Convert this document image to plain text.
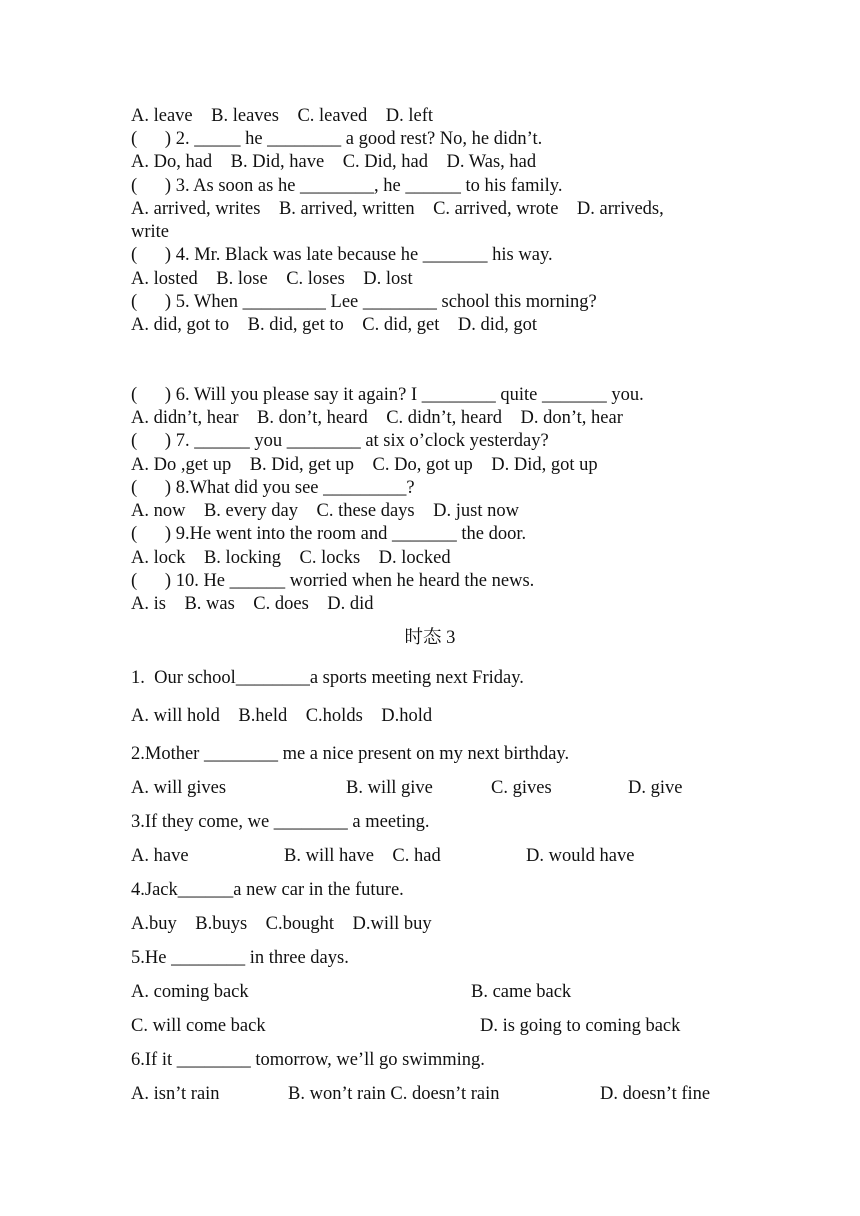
A. leave    B. leaves    C. leaved    D. left
(      ) 2. _____ he ________ a good rest? No, he didn’t.
A. Do, had    B. Did, have    C. Did, had    D. Was, had
(      ) 3. As soon as he ________, he ______ to his family.
A. arrived, writes    B. arrived, written    C. arrived, wrote    D. arriveds,
write
(      ) 4. Mr. Black was late because he _______ his way.
A. losted    B. lose    C. loses    D. lost
(      ) 5. When _________ Lee ________ school this morning?
A. did, got to    B. did, get to    C. did, get    D. did, got
(      ) 6. Will you please say it again? I ________ quite _______ you.
A. didn’t, hear    B. don’t, heard    C. didn’t, heard    D. don’t, hear
(      ) 7. ______ you ________ at six o’clock yesterday?
A. Do ,get up    B. Did, get up    C. Do, got up    D. Did, got up
(      ) 8.What did you see _________?
A. now    B. every day    C. these days    D. just now
(      ) 9.He went into the room and _______ the door.
A. lock    B. locking    C. locks    D. locked
(      ) 10. He ______ worried when he heard the news.
A. is    B. was    C. does    D. did
时态 3
1.  Our school________a sports meeting next Friday.
A. will hold    B.held    C.holds    D.hold
2.Mother ________ me a nice present on my next birthday.
A. will gives	B. will give	C. gives	D. give
3.If they come, we ________ a meeting.
A. have	B. will have    C. had	D. would have
4.Jack______a new car in the future.
A.buy    B.buys    C.bought    D.will buy
5.He ________ in three days.
A. coming back	B. came back
C. will come back	D. is going to coming back
6.If it ________ tomorrow, we’ll go swimming.
A. isn’t rain	B. won’t rain C. doesn’t rain	D. doesn’t fine
